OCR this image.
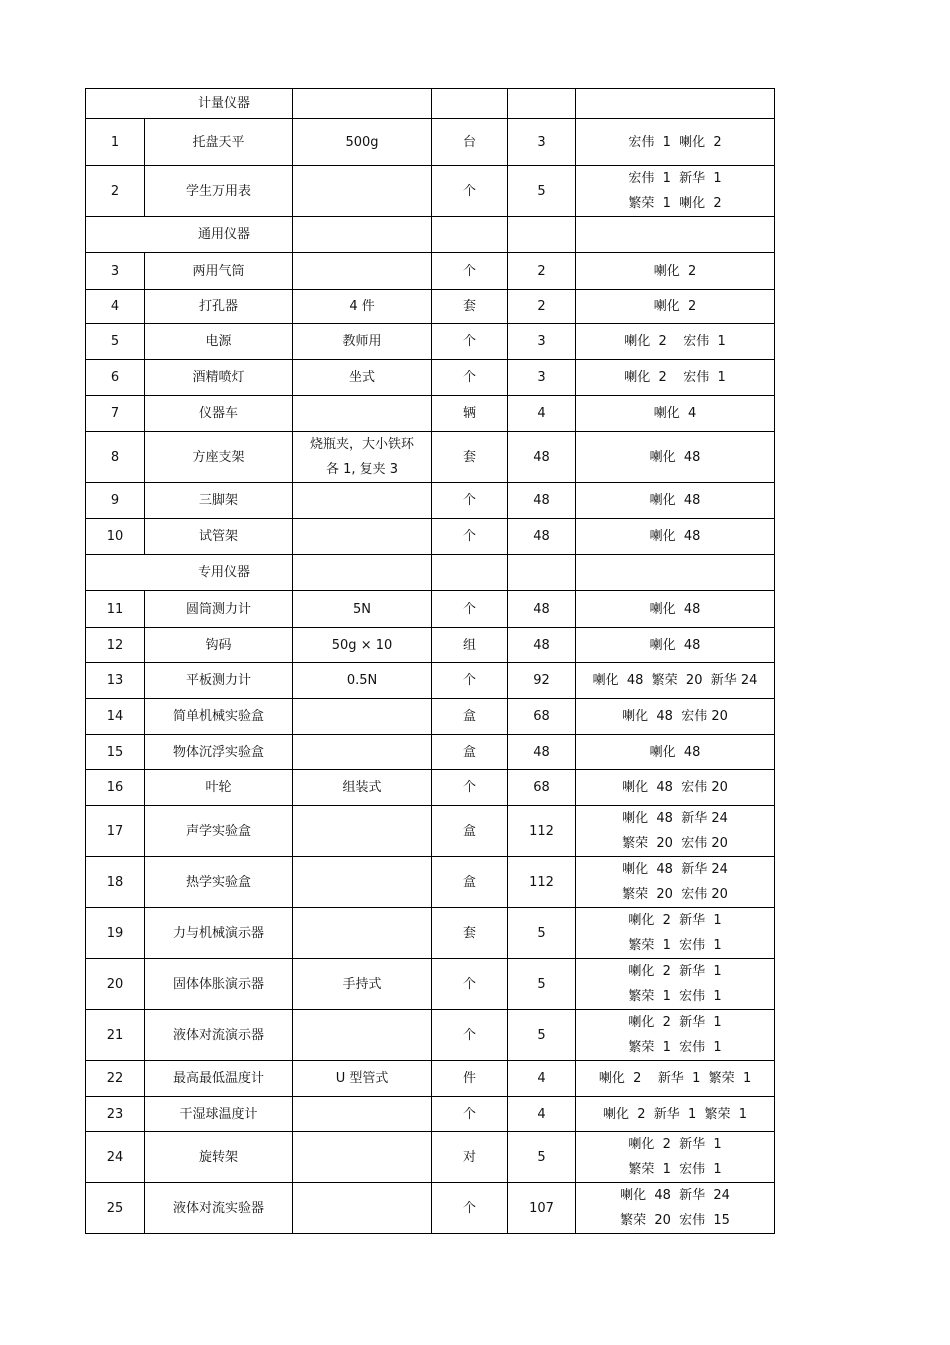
计量仪器					
1	托盘天平	500g	台	3	宏伟  1  喇化  2

2	学生万用表		个	5	宏伟  1  新华  1
繁荣  1  喇化  2

通用仪器					
3	两用气筒		个	2	喇化  2

4	打孔器	4 件	套	2	喇化  2

5	电源	教师用	个	3	喇化  2    宏伟  1

6	酒精喷灯	坐式	个	3	喇化  2    宏伟  1

7	仪器车		辆	4	喇化  4

8	方座支架	烧瓶夹，大小铁环
各 1, 复夹 3	套	48	喇化  48

9	三脚架		个	48	喇化  48

10	试管架		个	48	喇化  48

专用仪器					
11	圆筒测力计	5N	个	48	喇化  48

12	钩码	50g × 10	组	48	喇化  48

13	平板测力计	0.5N	个	92	喇化  48  繁荣  20  新华 24

14	简单机械实验盒		盒	68	喇化  48  宏伟 20

15	物体沉浮实验盒		盒	48	喇化  48

16	叶轮	组装式	个	68	喇化  48  宏伟 20

17	声学实验盒		盒	112	喇化  48  新华 24
繁荣  20  宏伟 20

18	热学实验盒		盒	112	喇化  48  新华 24
繁荣  20  宏伟 20

19	力与机械演示器		套	5	喇化  2  新华  1
繁荣  1  宏伟  1

20	固体体胀演示器	手持式	个	5	喇化  2  新华  1
繁荣  1  宏伟  1

21	液体对流演示器		个	5	喇化  2  新华  1
繁荣  1  宏伟  1

22	最高最低温度计	U 型管式	件	4	喇化  2    新华  1  繁荣  1

23	干湿球温度计		个	4	喇化  2  新华  1  繁荣  1

24	旋转架		对	5	喇化  2  新华  1
繁荣  1  宏伟  1

25	液体对流实验器		个	107	喇化  48  新华  24
繁荣  20  宏伟  15
